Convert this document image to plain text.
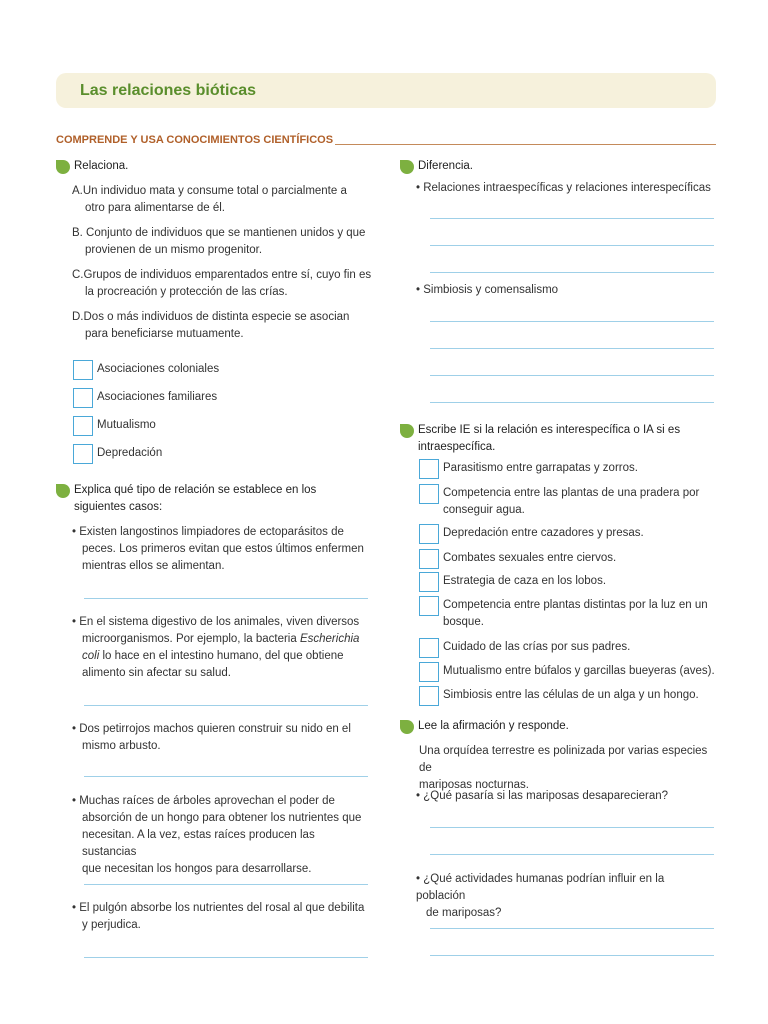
Las relaciones bióticas
COMPRENDE Y USA CONOCIMIENTOS CIENTÍFICOS
Relaciona.
A.Un individuo mata y consume total o parcialmente a
otro para alimentarse de él.
B. Conjunto de individuos que se mantienen unidos y que
provienen de un mismo progenitor.
C.Grupos de individuos emparentados entre sí, cuyo fin es
la procreación y protección de las crías.
D.Dos o más individuos de distinta especie se asocian
para beneficiarse mutuamente.
Asociaciones coloniales
Asociaciones familiares
Mutualismo
Depredación
Explica qué tipo de relación se establece en los
siguientes casos:
• Existen langostinos limpiadores de ectoparásitos de
peces. Los primeros evitan que estos últimos enfermen
mientras ellos se alimentan.
• En el sistema digestivo de los animales, viven diversos
microorganismos. Por ejemplo, la bacteria Escherichia
coli lo hace en el intestino humano, del que obtiene
alimento sin afectar su salud.
• Dos petirrojos machos quieren construir su nido en el
mismo arbusto.
• Muchas raíces de árboles aprovechan el poder de
absorción de un hongo para obtener los nutrientes que
necesitan. A la vez, estas raíces producen las sustancias
que necesitan los hongos para desarrollarse.
• El pulgón absorbe los nutrientes del rosal al que debilita
y perjudica.
Diferencia.
• Relaciones intraespecíficas y relaciones interespecíficas
• Simbiosis y comensalismo
Escribe IE si la relación es interespecífica o IA si es
intraespecífica.
Parasitismo entre garrapatas y zorros.
Competencia entre las plantas de una pradera por
conseguir agua.
Depredación entre cazadores y presas.
Combates sexuales entre ciervos.
Estrategia de caza en los lobos.
Competencia entre plantas distintas por la luz en un
bosque.
Cuidado de las crías por sus padres.
Mutualismo entre búfalos y garcillas bueyeras (aves).
Simbiosis entre las células de un alga y un hongo.
Lee la afirmación y responde.
Una orquídea terrestre es polinizada por varias especies de
mariposas nocturnas.
• ¿Qué pasaría si las mariposas desaparecieran?
• ¿Qué actividades humanas podrían influir en la población
de mariposas?
